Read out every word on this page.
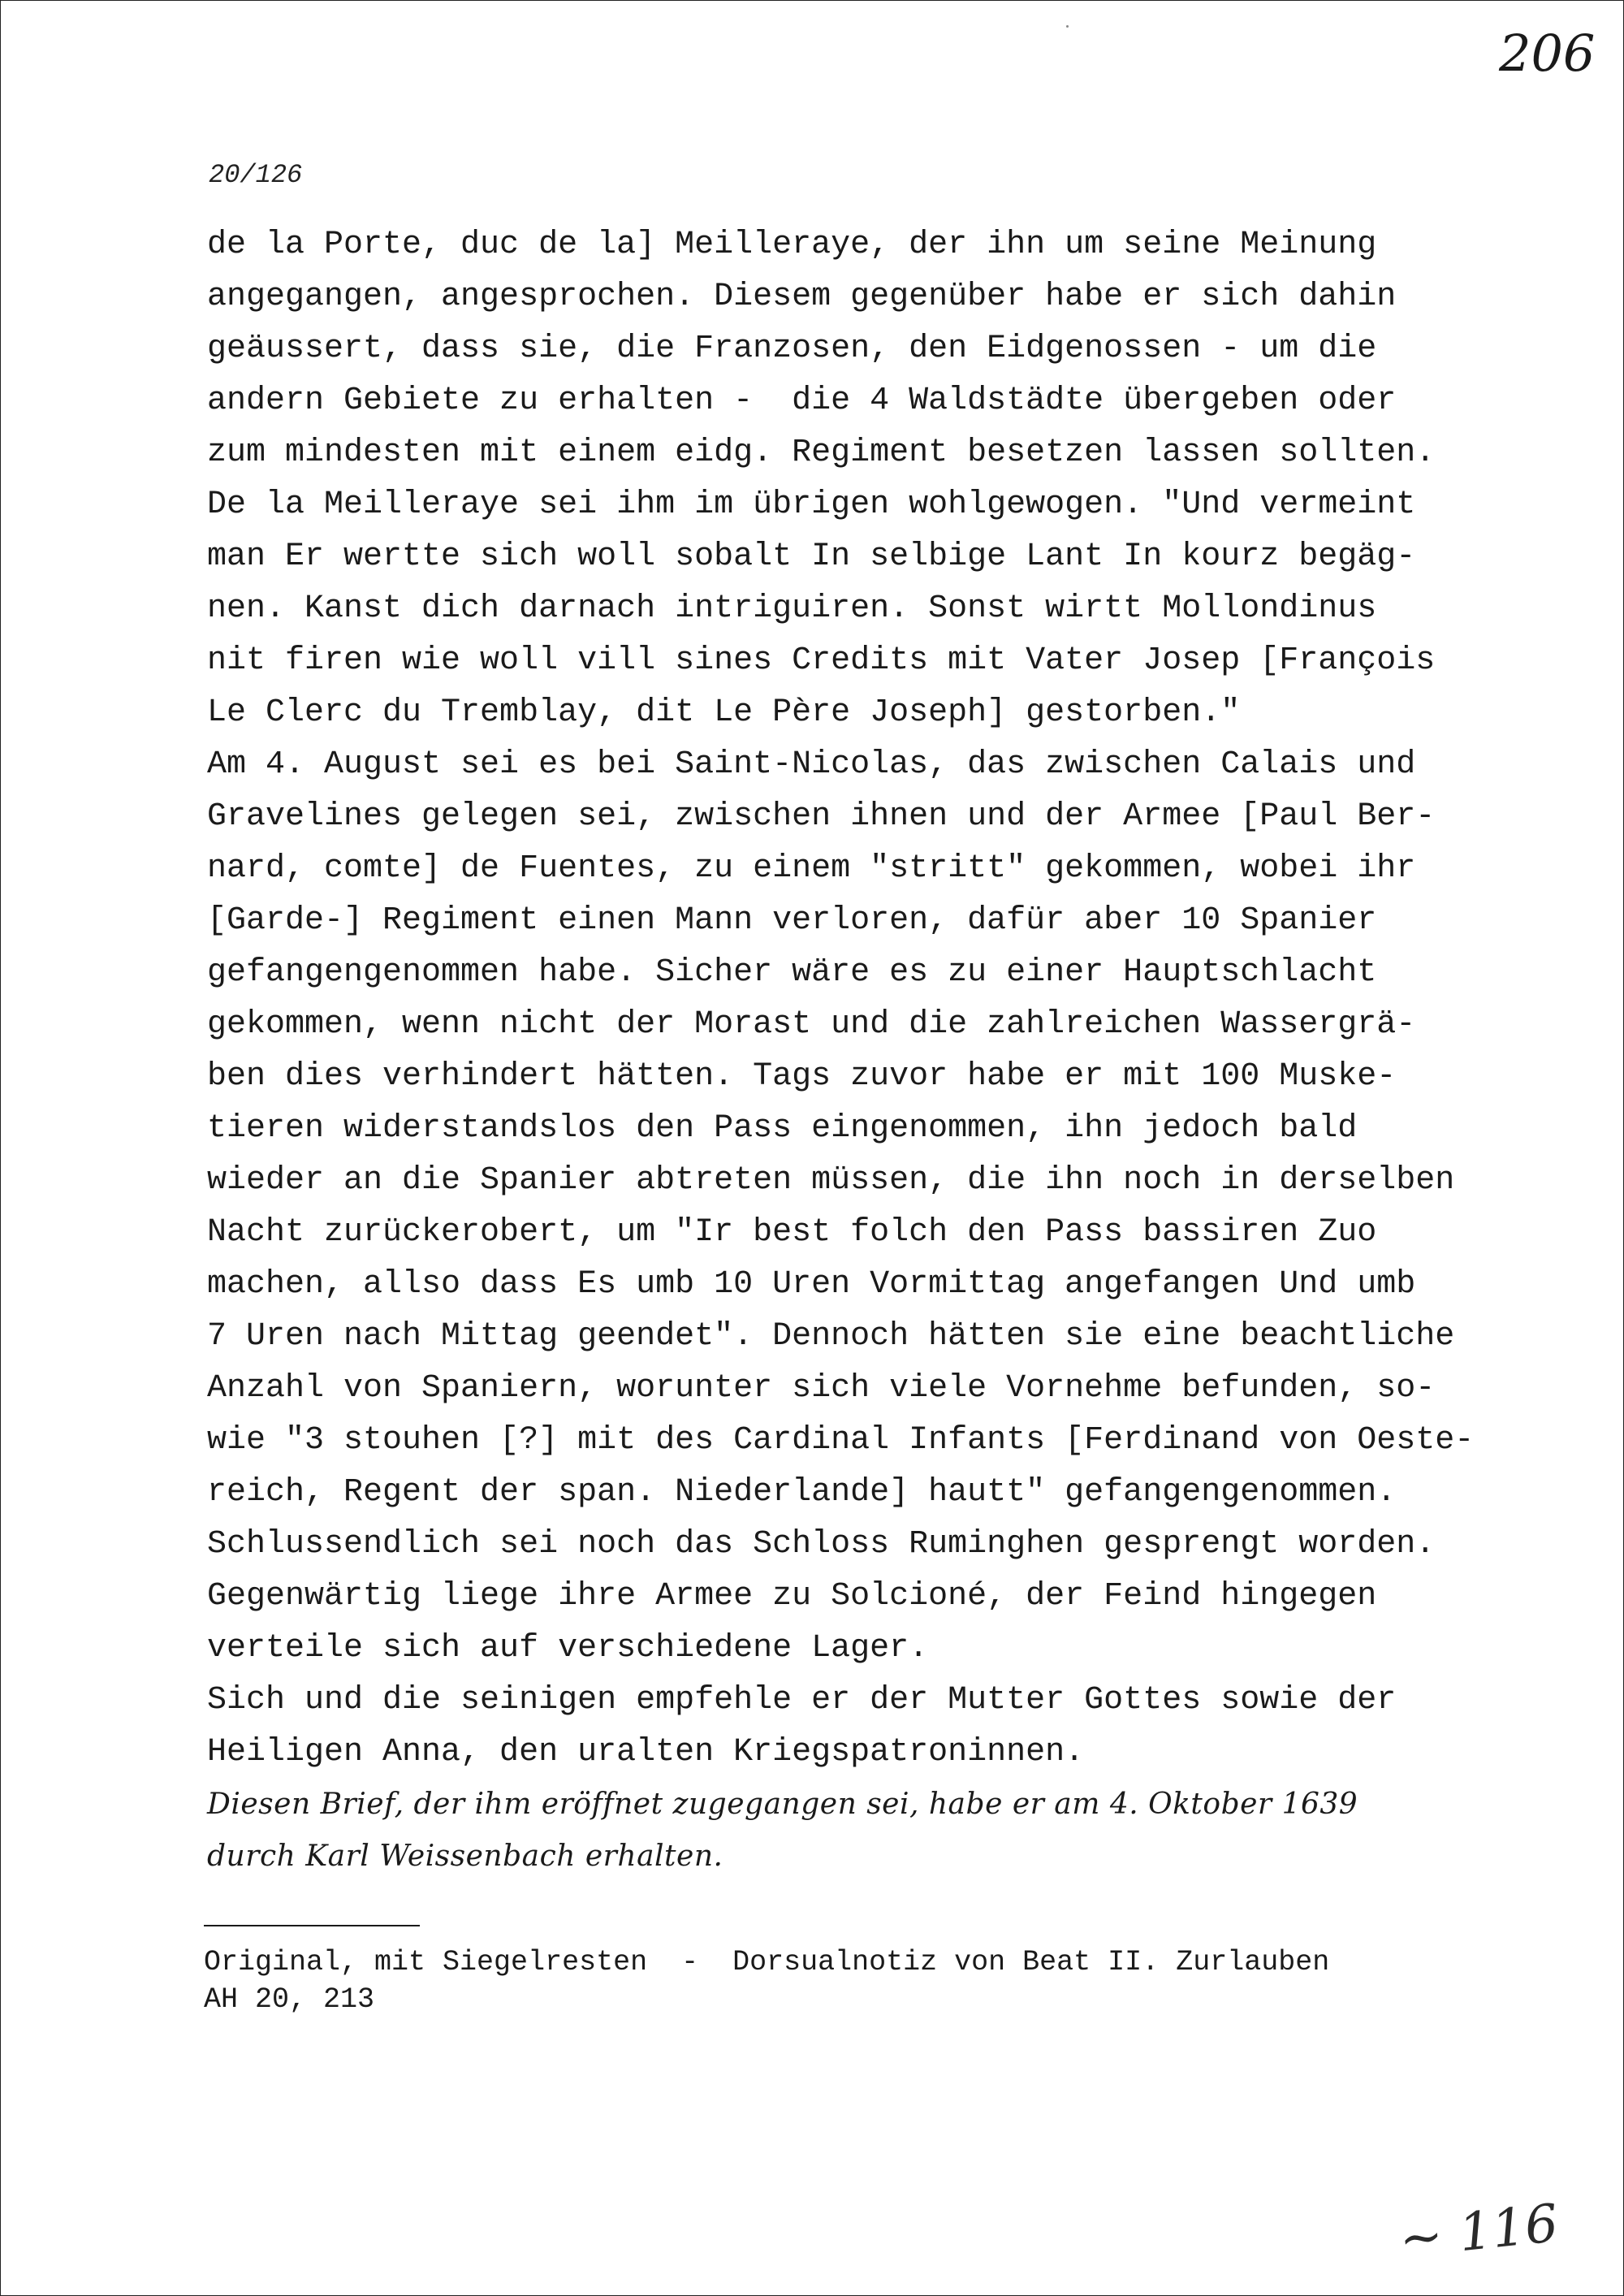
206
20/126
de la Porte, duc de la] Meilleraye, der ihn um seine Meinung
angegangen, angesprochen. Diesem gegenüber habe er sich dahin
geäussert, dass sie, die Franzosen, den Eidgenossen - um die
andern Gebiete zu erhalten -  die 4 Waldstädte übergeben oder
zum mindesten mit einem eidg. Regiment besetzen lassen sollten.
De la Meilleraye sei ihm im übrigen wohlgewogen. "Und vermeint
man Er wertte sich woll sobalt In selbige Lant In kourz begäg-
nen. Kanst dich darnach intriguiren. Sonst wirtt Mollondinus
nit firen wie woll vill sines Credits mit Vater Josep [François
Le Clerc du Tremblay, dit Le Père Joseph] gestorben."
Am 4. August sei es bei Saint-Nicolas, das zwischen Calais und
Gravelines gelegen sei, zwischen ihnen und der Armee [Paul Ber-
nard, comte] de Fuentes, zu einem "stritt" gekommen, wobei ihr
[Garde-] Regiment einen Mann verloren, dafür aber 10 Spanier
gefangengenommen habe. Sicher wäre es zu einer Hauptschlacht
gekommen, wenn nicht der Morast und die zahlreichen Wassergrä-
ben dies verhindert hätten. Tags zuvor habe er mit 100 Muske-
tieren widerstandslos den Pass eingenommen, ihn jedoch bald
wieder an die Spanier abtreten müssen, die ihn noch in derselben
Nacht zurückerobert, um "Ir best folch den Pass bassiren Zuo
machen, allso dass Es umb 10 Uren Vormittag angefangen Und umb
7 Uren nach Mittag geendet". Dennoch hätten sie eine beachtliche
Anzahl von Spaniern, worunter sich viele Vornehme befunden, so-
wie "3 stouhen [?] mit des Cardinal Infants [Ferdinand von Oeste-
reich, Regent der span. Niederlande] hautt" gefangengenommen.
Schlussendlich sei noch das Schloss Ruminghen gesprengt worden.
Gegenwärtig liege ihre Armee zu Solcioné, der Feind hingegen
verteile sich auf verschiedene Lager.
Sich und die seinigen empfehle er der Mutter Gottes sowie der
Heiligen Anna, den uralten Kriegspatroninnen.
Diesen Brief, der ihm eröffnet zugegangen sei, habe er am 4. Oktober 1639
durch Karl Weissenbach erhalten.
Original, mit Siegelresten  -  Dorsualnotiz von Beat II. Zurlauben
AH 20, 213
~ 116
